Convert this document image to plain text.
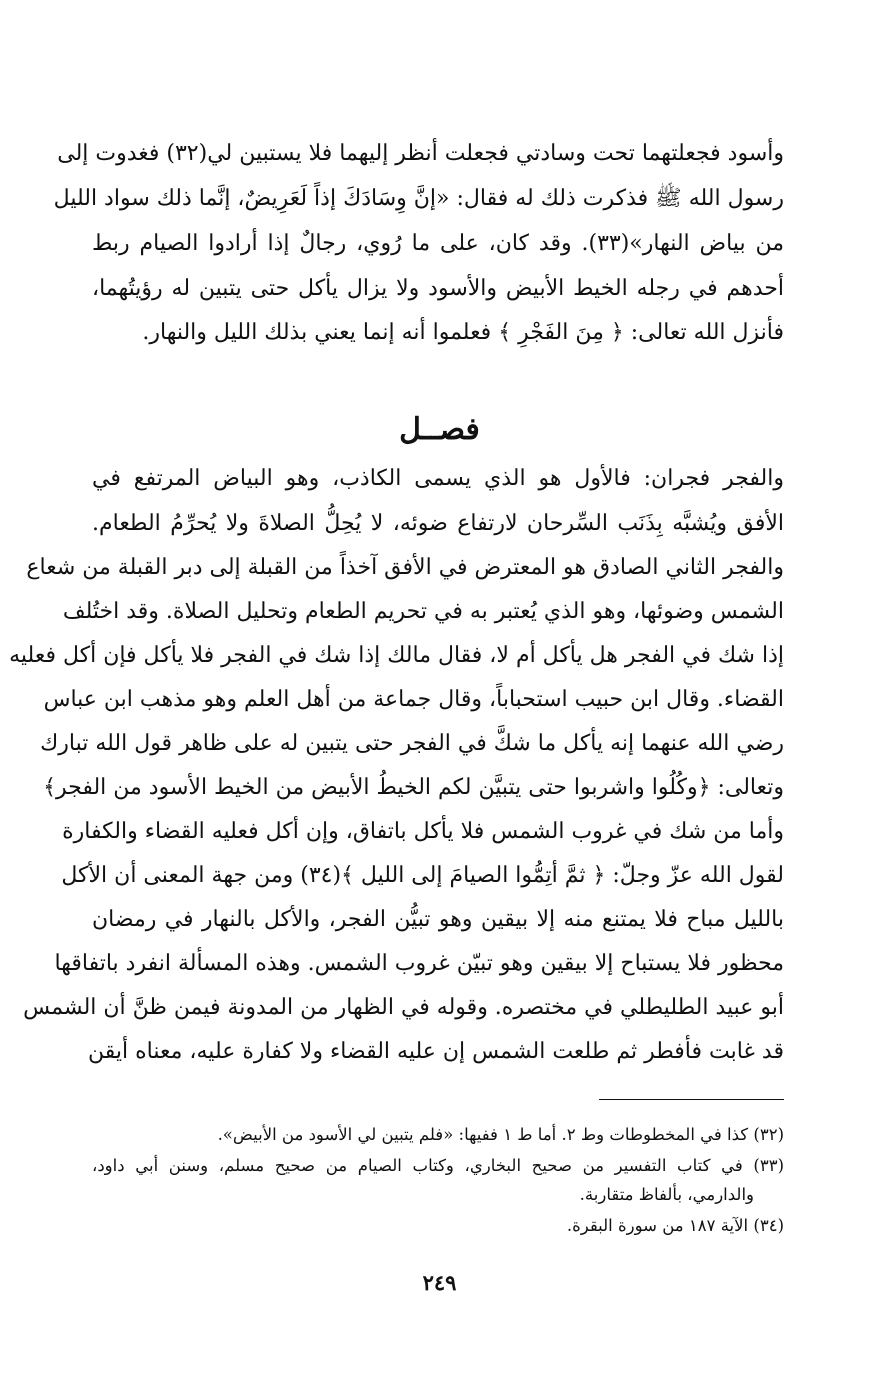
وأسود فجعلتهما تحت وسادتي فجعلت أنظر إليهما فلا يستبين لي(٣٢) فغدوت إلى
رسول الله ﷺ فذكرت ذلك له فقال: «إنَّ وِسَادَكَ إذاً لَعَرِيضٌ، إنَّما ذلك سواد الليل
من بياض النهار»(٣٣). وقد كان، على ما رُوي، رجالٌ إذا أرادوا الصيام ربط
أحدهم في رجله الخيط الأبيض والأسود ولا يزال يأكل حتى يتبين له رؤيتُهما،
فأنزل الله تعالى: ﴿ مِنَ الفَجْرِ ﴾ فعلموا أنه إنما يعني بذلك الليل والنهار.
فصــل
والفجر فجران: فالأول هو الذي يسمى الكاذب، وهو البياض المرتفع في
الأفق ويُشبَّه بِذَنَب السِّرحان لارتفاع ضوئه، لا يُحِلُّ الصلاةَ ولا يُحرِّمُ الطعام.
والفجر الثاني الصادق هو المعترض في الأفق آخذاً من القبلة إلى دبر القبلة من شعاع
الشمس وضوئها، وهو الذي يُعتبر به في تحريم الطعام وتحليل الصلاة. وقد اختُلف
إذا شك في الفجر هل يأكل أم لا، فقال مالك إذا شك في الفجر فلا يأكل فإن أكل فعليه
القضاء. وقال ابن حبيب استحباباً، وقال جماعة من أهل العلم وهو مذهب ابن عباس
رضي الله عنهما إنه يأكل ما شكَّ في الفجر حتى يتبين له على ظاهر قول الله تبارك
وتعالى: ﴿وكُلُوا واشربوا حتى يتبيَّن لكم الخيطُ الأبيض من الخيط الأسود من الفجر﴾
وأما من شك في غروب الشمس فلا يأكل باتفاق، وإن أكل فعليه القضاء والكفارة
لقول الله عزّ وجلّ: ﴿ ثمَّ أتِمُّوا الصيامَ إلى الليل ﴾(٣٤) ومن جهة المعنى أن الأكل
بالليل مباح فلا يمتنع منه إلا بيقين وهو تبيُّن الفجر، والأكل بالنهار في رمضان
محظور فلا يستباح إلا بيقين وهو تبيّن غروب الشمس. وهذه المسألة انفرد باتفاقها
أبو عبيد الطليطلي في مختصره. وقوله في الظهار من المدونة فيمن ظنَّ أن الشمس
قد غابت فأفطر ثم طلعت الشمس إن عليه القضاء ولا كفارة عليه، معناه أيقن
(٣٢) كذا في المخطوطات وط ٢. أما ط ١ ففيها: «فلم يتبين لي الأسود من الأبيض».
(٣٣) في كتاب التفسير من صحيح البخاري، وكتاب الصيام من صحيح مسلم، وسنن أبي داود،
والدارمي، بألفاظ متقاربة.
(٣٤) الآية ١٨٧ من سورة البقرة.
٢٤٩
